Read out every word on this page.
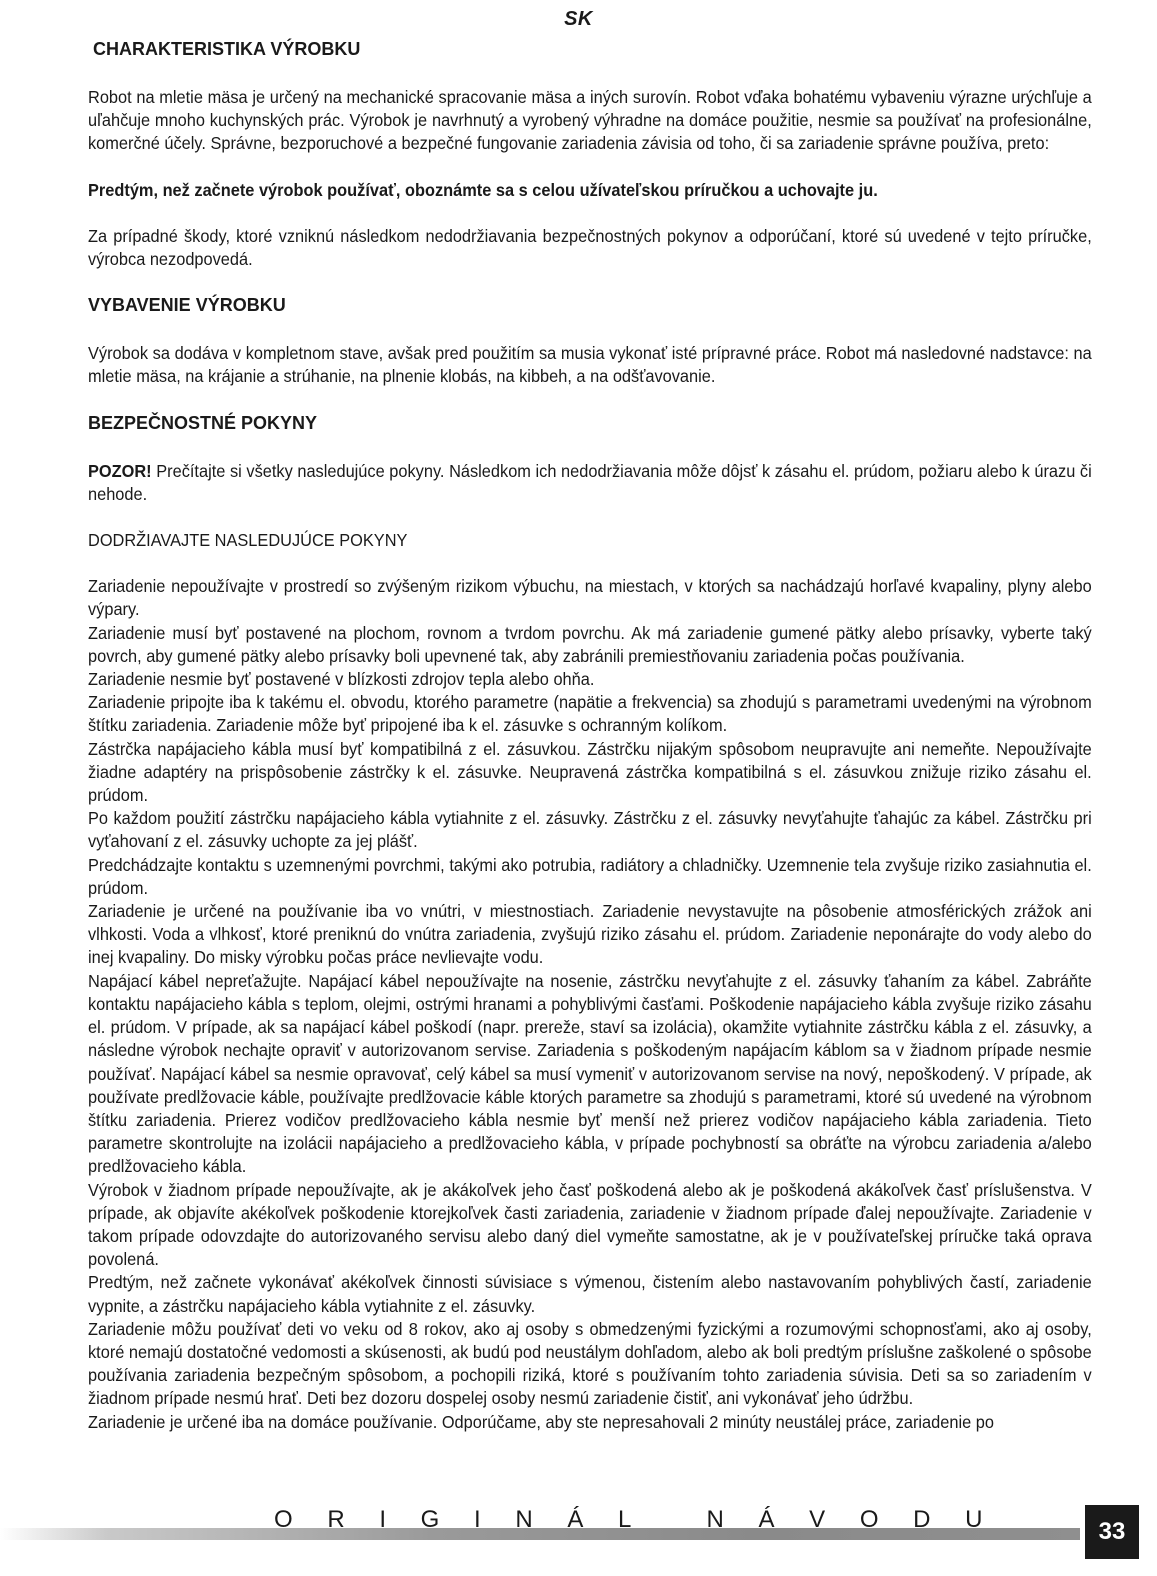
SK
CHARAKTERISTIKA VÝROBKU

Robot na mletie mäsa je určený na mechanické spracovanie mäsa a iných surovín. Robot vďaka bohatému vybaveniu výrazne urýchľuje a uľahčuje mnoho kuchynských prác. Výrobok je navrhnutý a vyrobený výhradne na domáce použitie, nesmie sa používať na profesionálne, komerčné účely. Správne, bezporuchové a bezpečné fungovanie zariadenia závisia od toho, či sa zariadenie správne používa, preto:

Predtým, než začnete výrobok používať, oboznámte sa s celou užívateľskou príručkou a uchovajte ju.

Za prípadné škody, ktoré vzniknú následkom nedodržiavania bezpečnostných pokynov a odporúčaní, ktoré sú uvedené v tejto príručke, výrobca nezodpovedá.

VYBAVENIE VÝROBKU

Výrobok sa dodáva v kompletnom stave, avšak pred použitím sa musia vykonať isté prípravné práce. Robot má nasledovné nadstavce: na mletie mäsa, na krájanie a strúhanie, na plnenie klobás, na kibbeh, a na odšťavovanie.

BEZPEČNOSTNÉ POKYNY

POZOR! Prečítajte si všetky nasledujúce pokyny. Následkom ich nedodržiavania môže dôjsť k zásahu el. prúdom, požiaru alebo k úrazu či nehode.

DODRŽIAVAJTE NASLEDUJÚCE POKYNY

Zariadenie nepoužívajte v prostredí so zvýšeným rizikom výbuchu, na miestach, v ktorých sa nachádzajú horľavé kvapaliny, plyny alebo výpary.

Zariadenie musí byť postavené na plochom, rovnom a tvrdom povrchu. Ak má zariadenie gumené pätky alebo prísavky, vyberte taký povrch, aby gumené pätky alebo prísavky boli upevnené tak, aby zabránili premiestňovaniu zariadenia počas používania.

Zariadenie nesmie byť postavené v blízkosti zdrojov tepla alebo ohňa.

Zariadenie pripojte iba k takému el. obvodu, ktorého parametre (napätie a frekvencia) sa zhodujú s parametrami uvedenými na výrobnom štítku zariadenia. Zariadenie môže byť pripojené iba k el. zásuvke s ochranným kolíkom.

Zástrčka napájacieho kábla musí byť kompatibilná z el. zásuvkou. Zástrčku nijakým spôsobom neupravujte ani nemeňte. Nepoužívajte žiadne adaptéry na prispôsobenie zástrčky k el. zásuvke. Neupravená zástrčka kompatibilná s el. zásuvkou znižuje riziko zásahu el. prúdom.

Po každom použití zástrčku napájacieho kábla vytiahnite z el. zásuvky. Zástrčku z el. zásuvky nevyťahujte ťahajúc za kábel. Zástrčku pri vyťahovaní z el. zásuvky uchopte za jej plášť.

Predchádzajte kontaktu s uzemnenými povrchmi, takými ako potrubia, radiátory a chladničky. Uzemnenie tela zvyšuje riziko zasiahnutia el. prúdom.

Zariadenie je určené na používanie iba vo vnútri, v miestnostiach. Zariadenie nevystavujte na pôsobenie atmosférických zrážok ani vlhkosti. Voda a vlhkosť, ktoré preniknú do vnútra zariadenia, zvyšujú riziko zásahu el. prúdom. Zariadenie neponárajte do vody alebo do inej kvapaliny. Do misky výrobku počas práce nevlievajte vodu.

Napájací kábel nepreťažujte. Napájací kábel nepoužívajte na nosenie, zástrčku nevyťahujte z el. zásuvky ťahaním za kábel. Zabráňte kontaktu napájacieho kábla s teplom, olejmi, ostrými hranami a pohyblivými časťami. Poškodenie napájacieho kábla zvyšuje riziko zásahu el. prúdom. V prípade, ak sa napájací kábel poškodí (napr. prereže, staví sa izolácia), okamžite vytiahnite zástrčku kábla z el. zásuvky, a následne výrobok nechajte opraviť v autorizovanom servise. Zariadenia s poškodeným napájacím káblom sa v žiadnom prípade nesmie používať. Napájací kábel sa nesmie opravovať, celý kábel sa musí vymeniť v autorizovanom servise na nový, nepoškodený. V prípade, ak používate predlžovacie káble, používajte predlžovacie káble ktorých parametre sa zhodujú s parametrami, ktoré sú uvedené na výrobnom štítku zariadenia. Prierez vodičov predlžovacieho kábla nesmie byť menší než prierez vodičov napájacieho kábla zariadenia. Tieto parametre skontrolujte na izolácii napájacieho a predlžovacieho kábla, v prípade pochybností sa obráťte na výrobcu zariadenia a/alebo predlžovacieho kábla.

Výrobok v žiadnom prípade nepoužívajte, ak je akákoľvek jeho časť poškodená alebo ak je poškodená akákoľvek časť príslušenstva. V prípade, ak objavíte akékoľvek poškodenie ktorejkoľvek časti zariadenia, zariadenie v žiadnom prípade ďalej nepoužívajte. Zariadenie v takom prípade odovzdajte do autorizovaného servisu alebo daný diel vymeňte samostatne, ak je v používateľskej príručke taká oprava povolená.

Predtým, než začnete vykonávať akékoľvek činnosti súvisiace s výmenou, čistením alebo nastavovaním pohyblivých častí, zariadenie vypnite, a zástrčku napájacieho kábla vytiahnite z el. zásuvky.

Zariadenie môžu používať deti vo veku od 8 rokov, ako aj osoby s obmedzenými fyzickými a rozumovými schopnosťami, ako aj osoby, ktoré nemajú dostatočné vedomosti a skúsenosti, ak budú pod neustálym dohľadom, alebo ak boli predtým príslušne zaškolené o spôsobe používania zariadenia bezpečným spôsobom, a pochopili riziká, ktoré s používaním tohto zariadenia súvisia. Deti sa so zariadením v žiadnom prípade nesmú hrať. Deti bez dozoru dospelej osoby nesmú zariadenie čistiť, ani vykonávať jeho údržbu.

Zariadenie je určené iba na domáce používanie. Odporúčame, aby ste nepresahovali 2 minúty neustálej práce, zariadenie po

O R I G I N Á L   N Á V O D U	33
